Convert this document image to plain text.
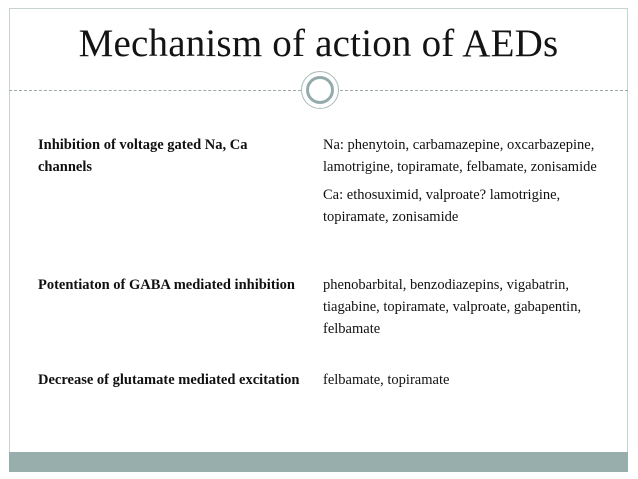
Mechanism of action of AEDs
Inhibition of voltage gated Na, Ca channels

Na: phenytoin, carbamazepine, oxcarbazepine, lamotrigine, topiramate, felbamate, zonisamide

Ca: ethosuximid, valproate? lamotrigine, topiramate, zonisamide

Potentiaton of GABA mediated inhibition	phenobarbital, benzodiazepins, vigabatrin, tiagabine, topiramate, valproate, gabapentin, felbamate

Decrease of glutamate mediated excitation felbamate, topiramate
